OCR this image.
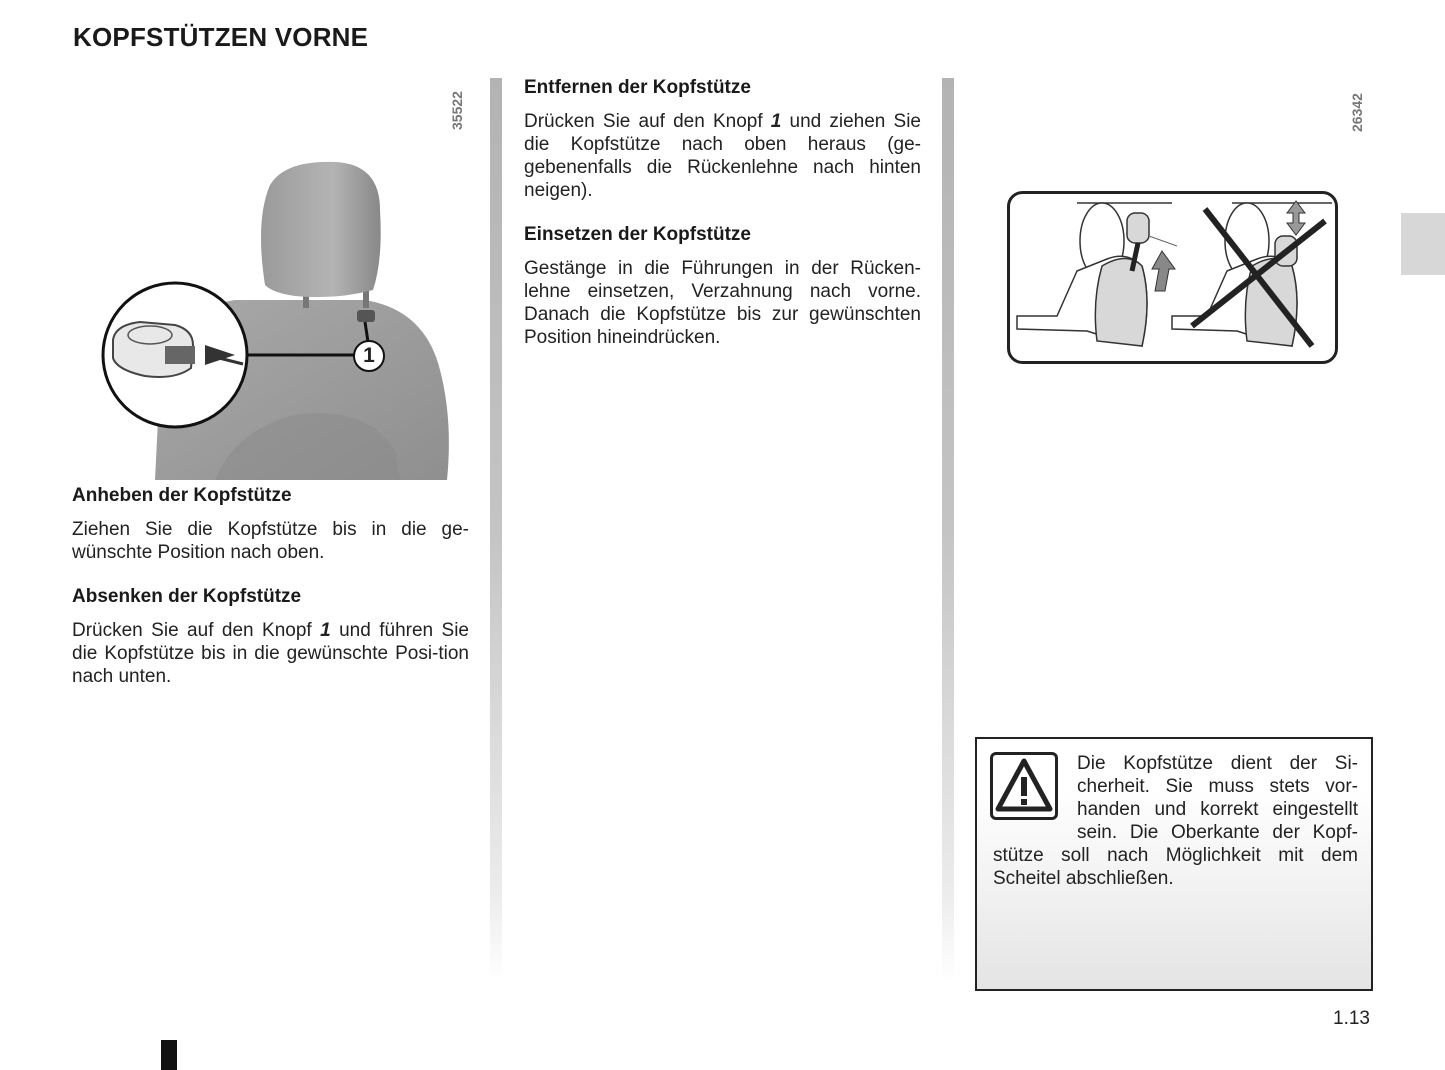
KOPFSTÜTZEN VORNE
1
35522
Anheben der Kopfstütze
Ziehen Sie die Kopfstütze bis in die ge-wünschte Position nach oben.
Absenken der Kopfstütze
Drücken Sie auf den Knopf 1 und führen Sie die Kopfstütze bis in die gewünschte Posi-tion nach unten.
Entfernen der Kopfstütze
Drücken Sie auf den Knopf 1 und ziehen Sie die Kopfstütze nach oben heraus (ge-gebenenfalls die Rückenlehne nach hinten neigen).
Einsetzen der Kopfstütze
Gestänge in die Führungen in der Rücken-lehne einsetzen, Verzahnung nach vorne. Danach die Kopfstütze bis zur gewünschten Position hineindrücken.
26342
Die Kopfstütze dient der Si-cherheit. Sie muss stets vor-handen und korrekt eingestellt sein. Die Oberkante der Kopf-stütze soll nach Möglichkeit mit dem Scheitel abschließen.
1.13
